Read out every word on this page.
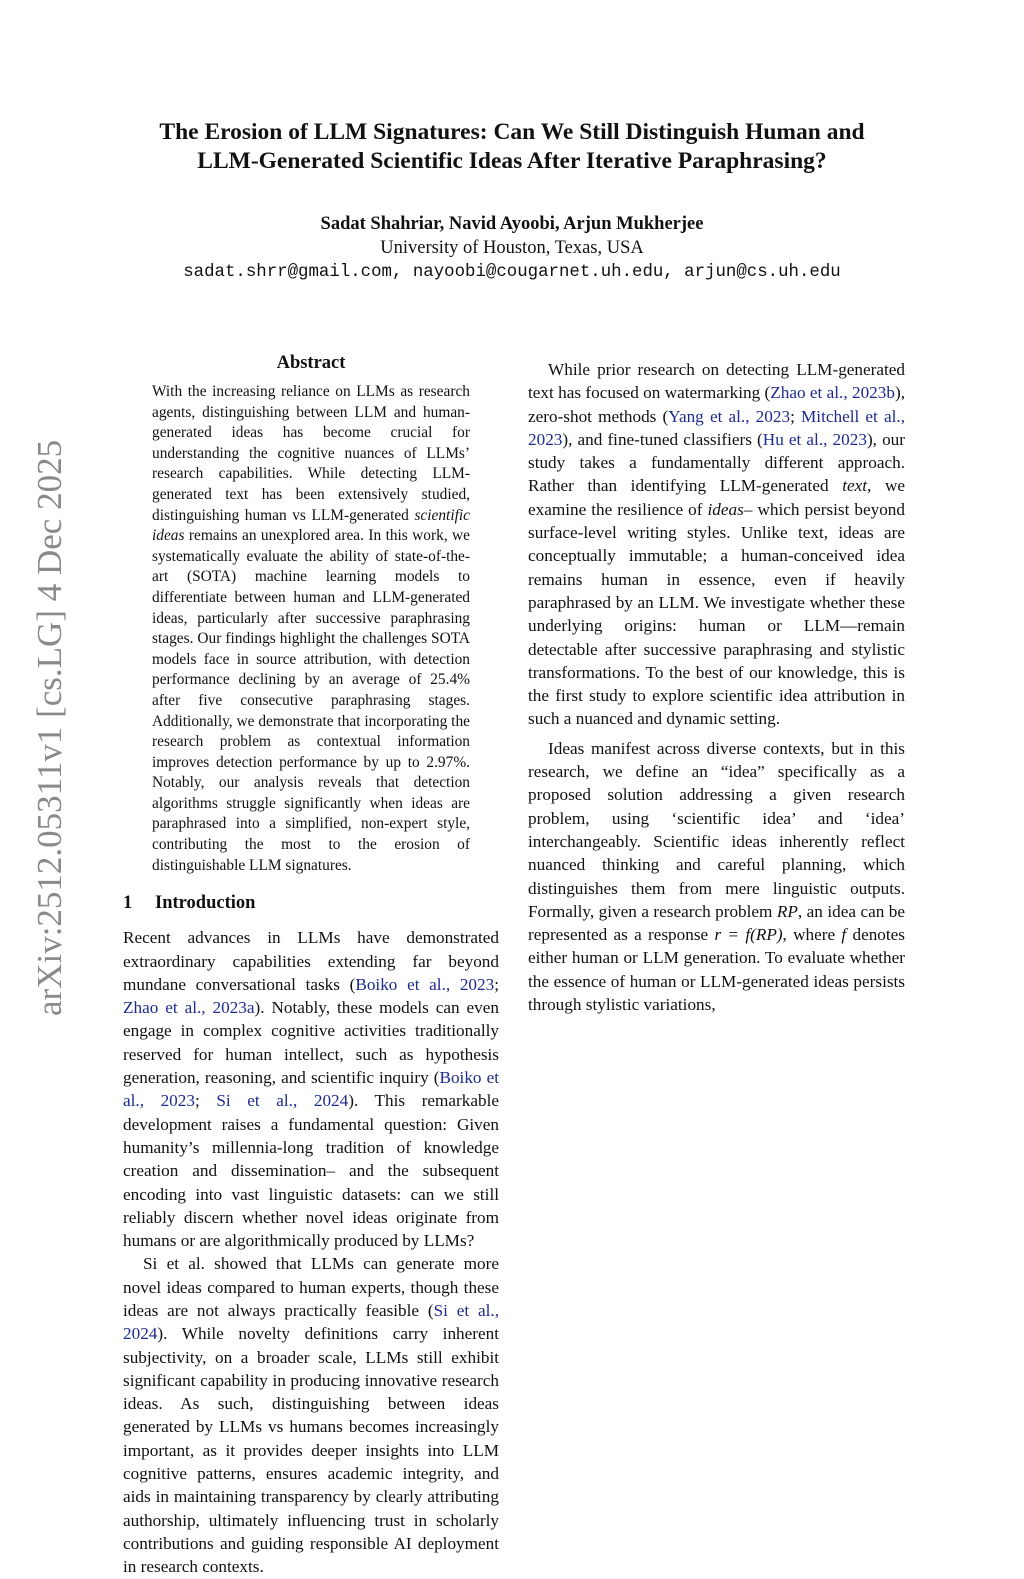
arXiv:2512.05311v1 [cs.LG] 4 Dec 2025
The Erosion of LLM Signatures: Can We Still Distinguish Human and
LLM-Generated Scientific Ideas After Iterative Paraphrasing?
Sadat Shahriar, Navid Ayoobi, Arjun Mukherjee
University of Houston, Texas, USA
sadat.shrr@gmail.com, nayoobi@cougarnet.uh.edu, arjun@cs.uh.edu
Abstract

With the increasing reliance on LLMs as research agents, distinguishing between LLM and human-generated ideas has become crucial for understanding the cognitive nuances of LLMs’ research capabilities. While detecting LLM-generated text has been extensively studied, distinguishing human vs LLM-generated scientific ideas remains an unexplored area. In this work, we systematically evaluate the ability of state-of-the-art (SOTA) machine learning models to differentiate between human and LLM-generated ideas, particularly after successive paraphrasing stages. Our findings highlight the challenges SOTA models face in source attribution, with detection performance declining by an average of 25.4% after five consecutive paraphrasing stages. Additionally, we demonstrate that incorporating the research problem as contextual information improves detection performance by up to 2.97%. Notably, our analysis reveals that detection algorithms struggle significantly when ideas are paraphrased into a simplified, non-expert style, contributing the most to the erosion of distinguishable LLM signatures.

1 Introduction

Recent advances in LLMs have demonstrated extraordinary capabilities extending far beyond mundane conversational tasks (Boiko et al., 2023; Zhao et al., 2023a). Notably, these models can even engage in complex cognitive activities traditionally reserved for human intellect, such as hypothesis generation, reasoning, and scientific inquiry (Boiko et al., 2023; Si et al., 2024). This remarkable development raises a fundamental question: Given humanity’s millennia-long tradition of knowledge creation and dissemination– and the subsequent encoding into vast linguistic datasets: can we still reliably discern whether novel ideas originate from humans or are algorithmically produced by LLMs?

Si et al. showed that LLMs can generate more novel ideas compared to human experts, though these ideas are not always practically feasible (Si et al., 2024). While novelty definitions carry inherent subjectivity, on a broader scale, LLMs still exhibit significant capability in producing innovative research ideas. As such, distinguishing between ideas generated by LLMs vs humans becomes increasingly important, as it provides deeper insights into LLM cognitive patterns, ensures academic integrity, and aids in maintaining transparency by clearly attributing authorship, ultimately influencing trust in scholarly contributions and guiding responsible AI deployment in research contexts.

While prior research on detecting LLM-generated text has focused on watermarking (Zhao et al., 2023b), zero-shot methods (Yang et al., 2023; Mitchell et al., 2023), and fine-tuned classifiers (Hu et al., 2023), our study takes a fundamentally different approach. Rather than identifying LLM-generated text, we examine the resilience of ideas– which persist beyond surface-level writing styles. Unlike text, ideas are conceptually immutable; a human-conceived idea remains human in essence, even if heavily paraphrased by an LLM. We investigate whether these underlying origins: human or LLM—remain detectable after successive paraphrasing and stylistic transformations. To the best of our knowledge, this is the first study to explore scientific idea attribution in such a nuanced and dynamic setting.

Ideas manifest across diverse contexts, but in this research, we define an “idea” specifically as a proposed solution addressing a given research problem, using ‘scientific idea’ and ‘idea’ interchangeably. Scientific ideas inherently reflect nuanced thinking and careful planning, which distinguishes them from mere linguistic outputs. Formally, given a research problem RP, an idea can be represented as a response r = f(RP), where f denotes either human or LLM generation. To evaluate whether the essence of human or LLM-generated ideas persists through stylistic variations,
